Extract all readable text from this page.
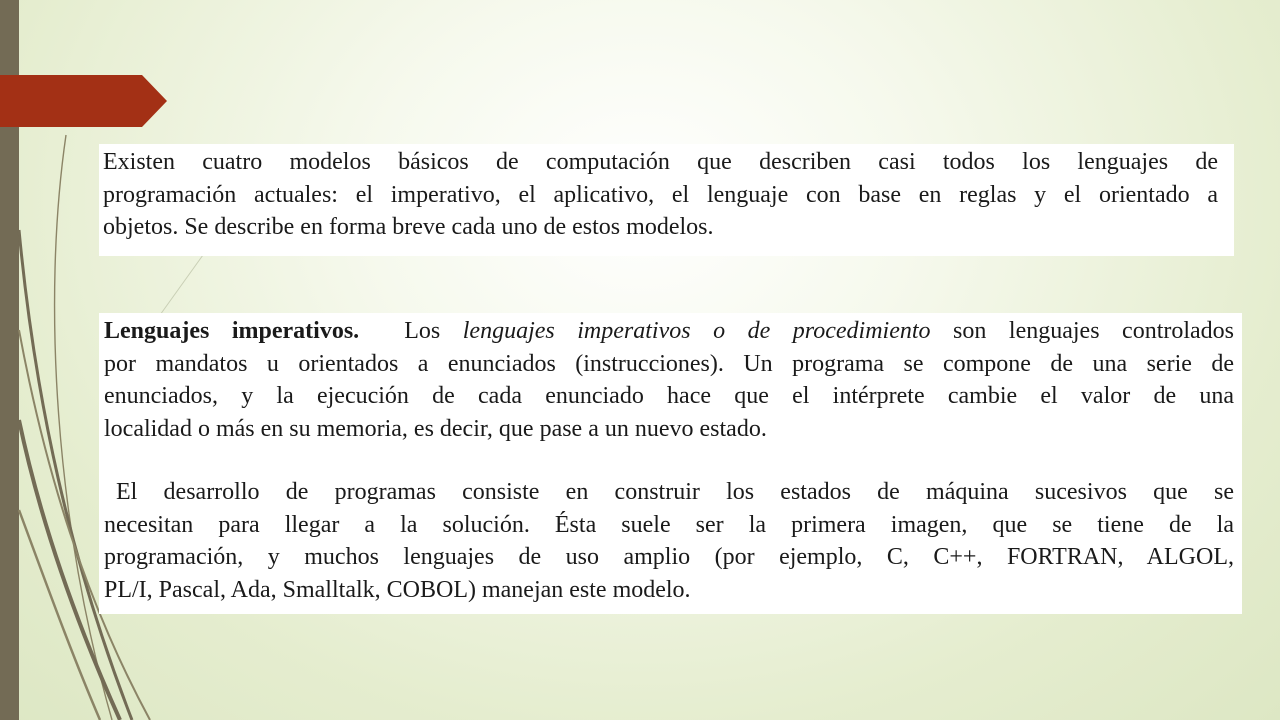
Existen cuatro modelos básicos de computación que describen casi todos los lenguajes de
programación actuales: el imperativo, el aplicativo, el lenguaje con base en reglas y el orientado a
objetos. Se describe en forma breve cada uno de estos modelos.
Lenguajes imperativos. Los lenguajes imperativos o de procedimiento son lenguajes controlados
por mandatos u orientados a enunciados (instrucciones). Un programa se compone de una serie de
enunciados, y la ejecución de cada enunciado hace que el intérprete cambie el valor de una
localidad o más en su memoria, es decir, que pase a un nuevo estado.
El desarrollo de programas consiste en construir los estados de máquina sucesivos que se
necesitan para llegar a la solución. Ésta suele ser la primera imagen, que se tiene de la
programación, y muchos lenguajes de uso amplio (por ejemplo, C, C++, FORTRAN, ALGOL,
PL/I, Pascal, Ada, Smalltalk, COBOL) manejan este modelo.
